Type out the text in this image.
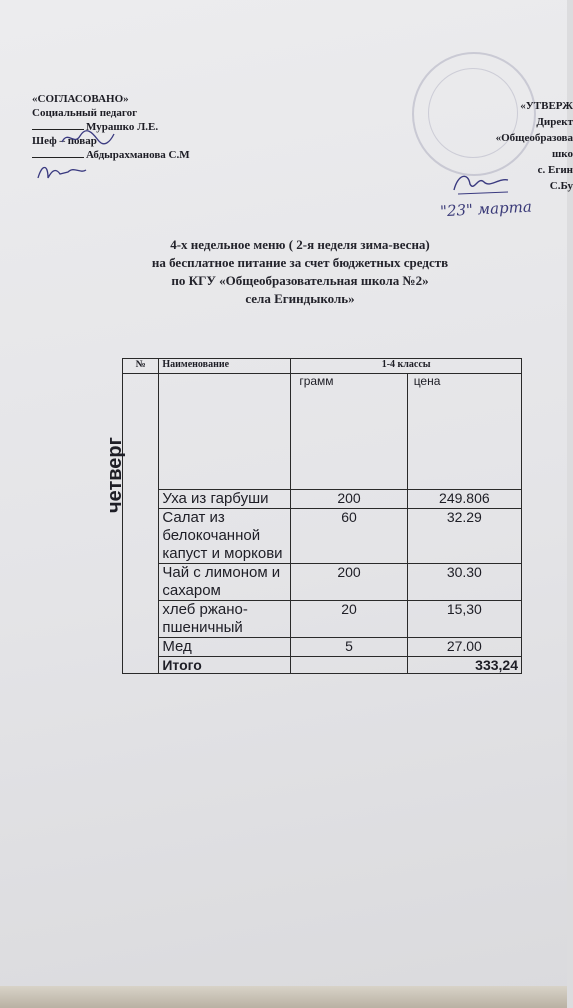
«СОГЛАСОВАНО»
Социальный педагог
Мурашко Л.Е.
Шеф – повар
Абдырахманова С.М
«УТВЕРЖ
Директ
«Общеобразова
шко
с. Егин
С.Бу
"23" марта
4-х недельное меню ( 2-я неделя зима-весна)
на бесплатное питание за счет бюджетных средств
по КГУ «Общеобразовательная школа №2»
села Егиндыколь»
№	Наименование	1-4 классы	

четверг		грамм	цена
	Уха из гарбуши	200	249.806
	Салат из белокочанной капуст и моркови	60	32.29
	Чай с лимоном и сахаром	200	30.30
	хлеб ржано-пшеничный	20	15,30
	Мед	5	27.00
	Итого		333,24
